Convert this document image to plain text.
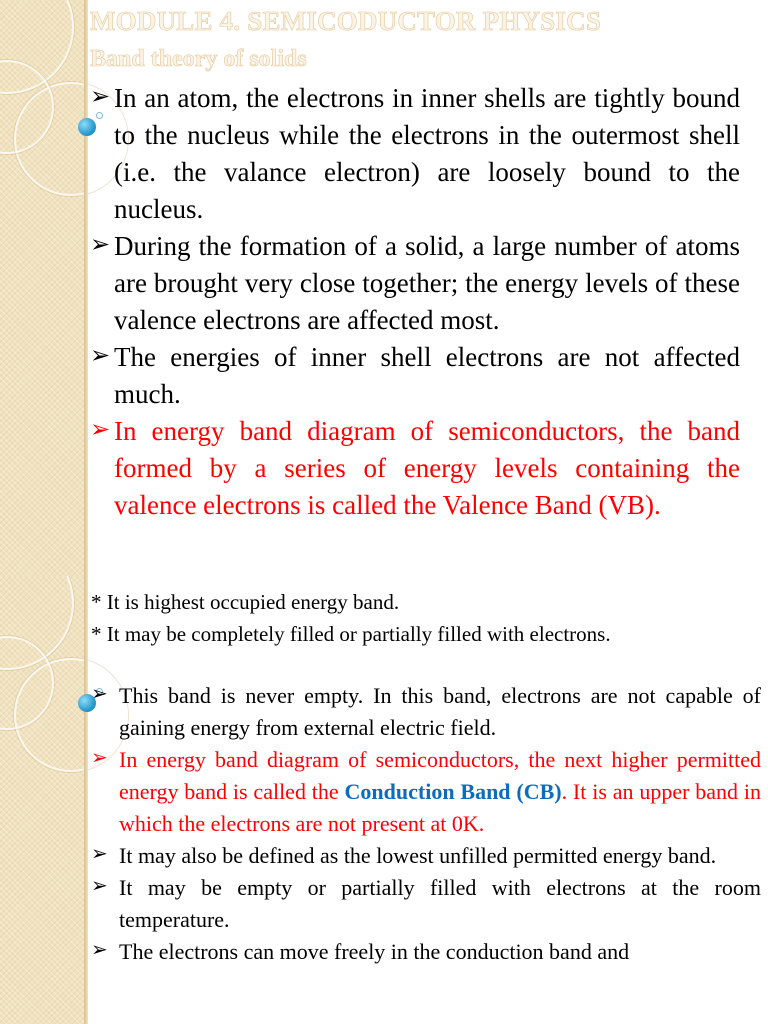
MODULE 4. SEMICODUCTOR PHYSICS
Band theory of solids
➢ In an atom, the electrons in inner shells are tightly bound to the nucleus while the electrons in the outermost shell (i.e. the valance electron) are loosely bound to the nucleus.
➢ During the formation of a solid, a large number of atoms are brought very close together; the energy levels of these valence electrons are affected most.
➢ The energies of inner shell electrons are not affected much.
➢ In energy band diagram of semiconductors, the band formed by a series of energy levels containing the valence electrons is called the Valence Band (VB).

* It is highest occupied energy band.

* It may be completely filled or partially filled with electrons.

➢ This band is never empty. In this band, electrons are not capable of gaining energy from external electric field.
➢ In energy band diagram of semiconductors, the next higher permitted energy band is called the Conduction Band (CB). It is an upper band in which the electrons are not present at 0K.
➢ It may also be defined as the lowest unfilled permitted energy band.
➢ It may be empty or partially filled with electrons at the room temperature.
➢ The electrons can move freely in the conduction band and
